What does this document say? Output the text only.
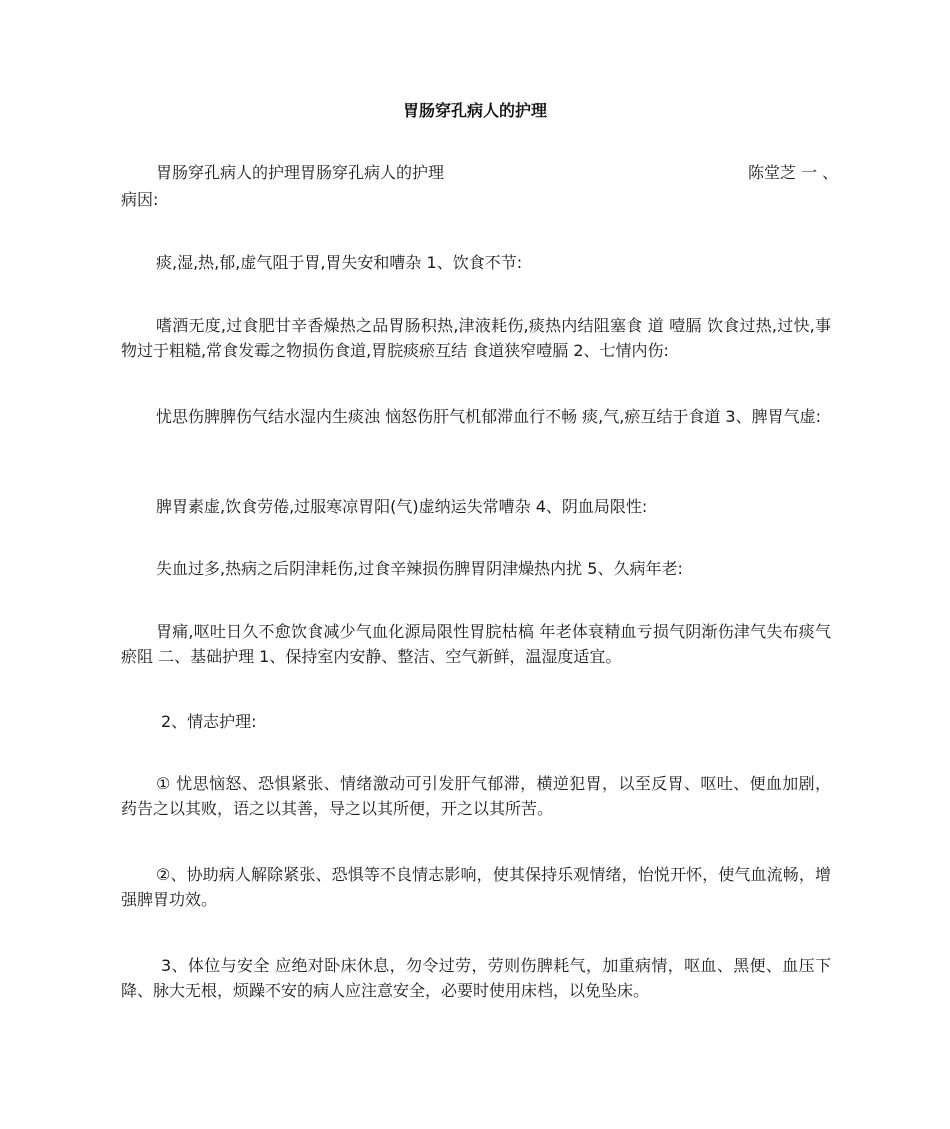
胃肠穿孔病人的护理
胃肠穿孔病人的护理胃肠穿孔病人的护理	陈堂芝 一 、
病因:

痰,湿,热,郁,虚气阻于胃,胃失安和嘈杂 1、饮食不节:

嗜酒无度,过食肥甘辛香燥热之品胃肠积热,津液耗伤,痰热内结阻塞食 道 噎膈 饮食过热,过快,事物过于粗糙,常食发霉之物损伤食道,胃脘痰瘀互结 食道狭窄噎膈 2、七情内伤:

忧思伤脾脾伤气结水湿内生痰浊 恼怒伤肝气机郁滞血行不畅 痰,气,瘀互结于食道 3、脾胃气虚:

脾胃素虚,饮食劳倦,过服寒凉胃阳(气)虚纳运失常嘈杂 4、阴血局限性:

失血过多,热病之后阴津耗伤,过食辛辣损伤脾胃阴津燥热内扰 5、久病年老:

胃痛,呕吐日久不愈饮食减少气血化源局限性胃脘枯槁 年老体衰精血亏损气阴渐伤津气失布痰气瘀阻 二、基础护理 1、保持室内安静、整洁、空气新鲜，温湿度适宜。

2、情志护理:

① 忧思恼怒、恐惧紧张、情绪激动可引发肝气郁滞，横逆犯胃，以至反胃、呕吐、便血加剧，药告之以其败，语之以其善，导之以其所便，开之以其所苦。

②、协助病人解除紧张、恐惧等不良情志影响，使其保持乐观情绪，怡悦开怀，使气血流畅，增强脾胃功效。

3、体位与安全 应绝对卧床休息，勿令过劳，劳则伤脾耗气，加重病情，呕血、黑便、血压下降、脉大无根，烦躁不安的病人应注意安全，必要时使用床档，以免坠床。
